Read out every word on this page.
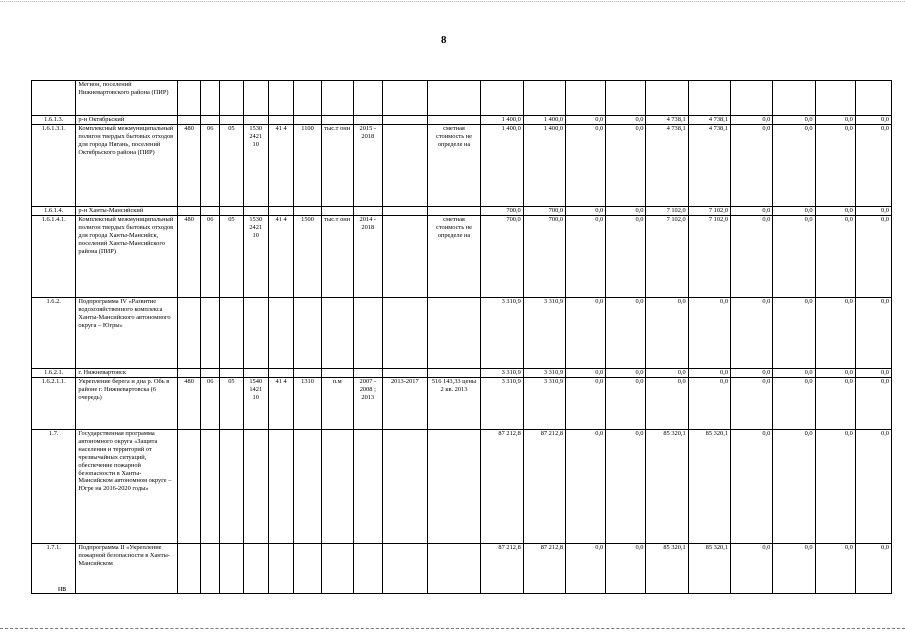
8
	Мегион, поселений Нижневартовского района (ПИР)																				
1.6.1.3.	р-н Октябрьский											1 400,0	1 400,0	0,0	0,0	4 738,1	4 738,1	0,0	0,0	0,0	0,0
1.6.1.3.1.	Комплексный межмуниципальный полигон твердых бытовых отходов для города Нягань, поселений Октябрьского района (ПИР)	480	06	05	1530 2421 10	41 4	1100	тыс.т онн	2015 - 2018		сметная стоимость не определе на	1 400,0	1 400,0	0,0	0,0	4 738,1	4 738,1	0,0	0,0	0,0	0,0
1.6.1.4.	р-н Ханты-Мансийский											700,0	700,0	0,0	0,0	7 102,0	7 102,0	0,0	0,0	0,0	0,0
1.6.1.4.1.	Комплексный межмуниципальный полигон твердых бытовых отходов для города Ханты-Мансийск, поселений Ханты-Мансийского района (ПИР)	480	06	05	1530 2421 10	41 4	1500	тыс.т онн	2014 - 2018		сметная стоимость не определе на	700,0	700,0	0,0	0,0	7 102,0	7 102,0	0,0	0,0	0,0	0,0
1.6.2.	Подпрограмма IV «Развитие водохозяйственного комплекса Ханты-Мансийского автономного округа – Югры»											3 310,9	3 310,9	0,0	0,0	0,0	0,0	0,0	0,0	0,0	0,0
1.6.2.1.	г. Нижневартовск											3 310,9	3 310,9	0,0	0,0	0,0	0,0	0,0	0,0	0,0	0,0
1.6.2.1.1.	Укрепление берега и дна р. Обь в районе г. Нижневартовска (6 очередь)	480	06	05	1540 1421 10	41 4	1310	п.м	2007 - 2008 ; 2013	2013-2017	516 143,33 цены 2 кв. 2013	3 310,9	3 310,9	0,0	0,0	0,0	0,0	0,0	0,0	0,0	0,0
1.7.	Государственная программа автономного округа «Защита населения и территорий от чрезвычайных ситуаций, обеспечение пожарной безопасности в Ханты-Мансийском автономном округе – Югре на 2016-2020 годы»											87 212,8	87 212,8	0,0	0,0	85 320,1	85 320,1	0,0	0,0	0,0	0,0
1.7.1.	Подпрограмма II «Укрепление пожарной безопасности в Ханты-Мансийском											87 212,8	87 212,8	0,0	0,0	85 320,1	85 320,1	0,0	0,0	0,0	0,0
нв
